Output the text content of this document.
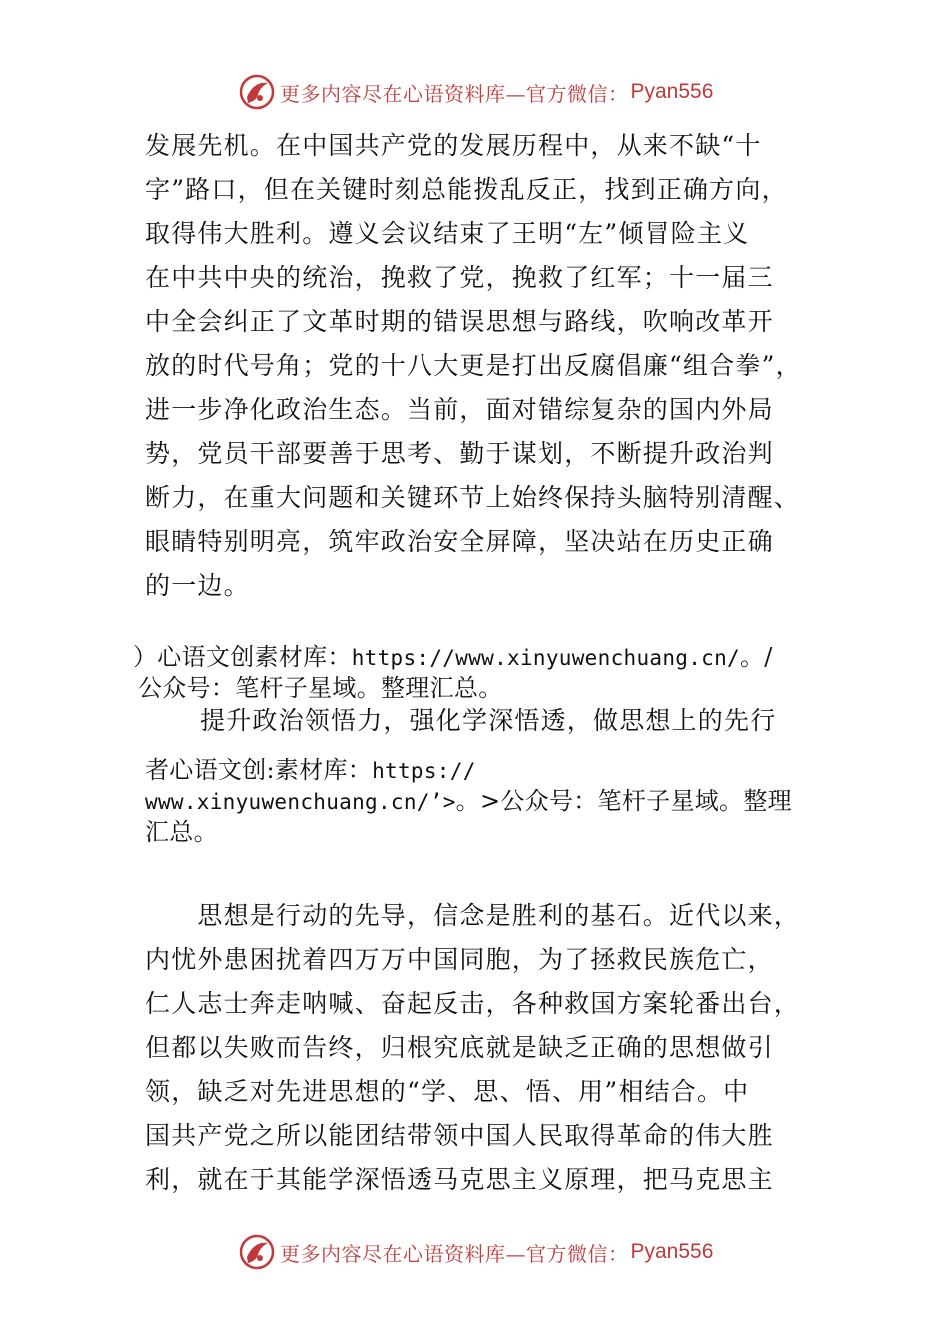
更多内容尽在心语资料库—官方微信： Pyan556
发展先机。在中国共产党的发展历程中，从来不缺“十
字”路口，但在关键时刻总能拨乱反正，找到正确方向，
取得伟大胜利。遵义会议结束了王明“左”倾冒险主义
在中共中央的统治，挽救了党，挽救了红军；十一届三
中全会纠正了文革时期的错误思想与路线，吹响改革开
放的时代号角；党的十八大更是打出反腐倡廉“组合拳”，
进一步净化政治生态。当前，面对错综复杂的国内外局
势，党员干部要善于思考、勤于谋划，不断提升政治判
断力，在重大问题和关键环节上始终保持头脑特别清醒、
眼睛特别明亮，筑牢政治安全屏障，坚决站在历史正确
的一边。
）心语文创素材库：https://www.xinyuwenchuang.cn/。/
公众号：笔杆子星域。整理汇总。
提升政治领悟力，强化学深悟透，做思想上的先行
者心语文创:素材库：https://
www.xinyuwenchuang.cn/’>。>公众号：笔杆子星域。整理
汇总。
　　思想是行动的先导，信念是胜利的基石。近代以来，
内忧外患困扰着四万万中国同胞，为了拯救民族危亡，
仁人志士奔走呐喊、奋起反击，各种救国方案轮番出台，
但都以失败而告终，归根究底就是缺乏正确的思想做引
领，缺乏对先进思想的“学、思、悟、用”相结合。中
国共产党之所以能团结带领中国人民取得革命的伟大胜
利，就在于其能学深悟透马克思主义原理，把马克思主
更多内容尽在心语资料库—官方微信： Pyan556
